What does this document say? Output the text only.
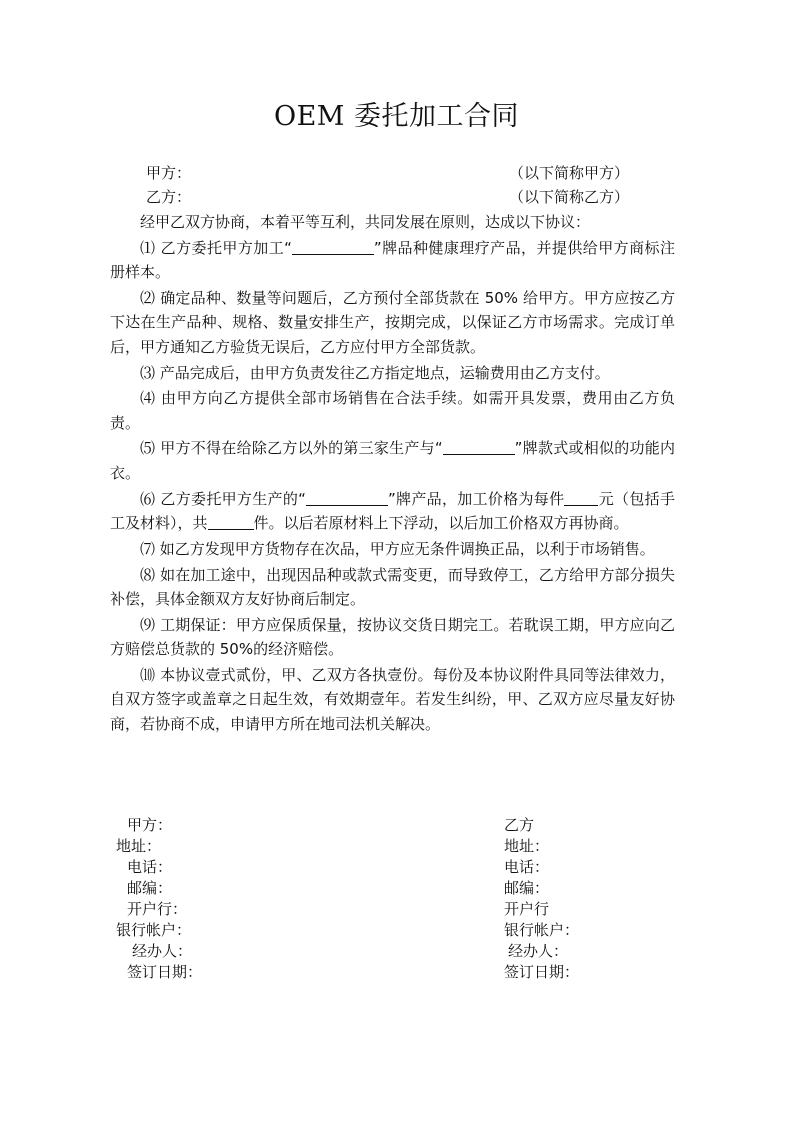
OEM 委托加工合同
甲方：	（以下简称甲方）
乙方：	（以下简称乙方）

经甲乙双方协商，本着平等互利，共同发展在原则，达成以下协议：

⑴ 乙方委托甲方加工“	”牌品种健康理疗产品，并提供给甲方商标注册样本。

⑵ 确定品种、数量等问题后，乙方预付全部货款在 50% 给甲方。甲方应按乙方下达在生产品种、规格、数量安排生产，按期完成，以保证乙方市场需求。完成订单后，甲方通知乙方验货无误后，乙方应付甲方全部货款。

⑶ 产品完成后，由甲方负责发往乙方指定地点，运输费用由乙方支付。

⑷ 由甲方向乙方提供全部市场销售在合法手续。如需开具发票，费用由乙方负责。

⑸ 甲方不得在给除乙方以外的第三家生产与“	”牌款式或相似的功能内衣。

⑹ 乙方委托甲方生产的“	”牌产品，加工价格为每件 元（包括手工及材料），共	件。以后若原材料上下浮动，以后加工价格双方再协商。

⑺ 如乙方发现甲方货物存在次品，甲方应无条件调换正品，以利于市场销售。

⑻ 如在加工途中，出现因品种或款式需变更，而导致停工，乙方给甲方部分损失补偿，具体金额双方友好协商后制定。

⑼ 工期保证：甲方应保质保量，按协议交货日期完工。若耽误工期，甲方应向乙方赔偿总货款的 50%的经济赔偿。

⑽ 本协议壹式贰份，甲、乙双方各执壹份。每份及本协议附件具同等法律效力，自双方签字或盖章之日起生效，有效期壹年。若发生纠纷，甲、乙双方应尽量友好协商，若协商不成，申请甲方所在地司法机关解决。

甲方：
地址：
电话：
邮编：
开户行：
银行帐户：
经办人：
签订日期：
乙方
地址：
电话：
邮编：
开户行
银行帐户：
经办人：
签订日期：
